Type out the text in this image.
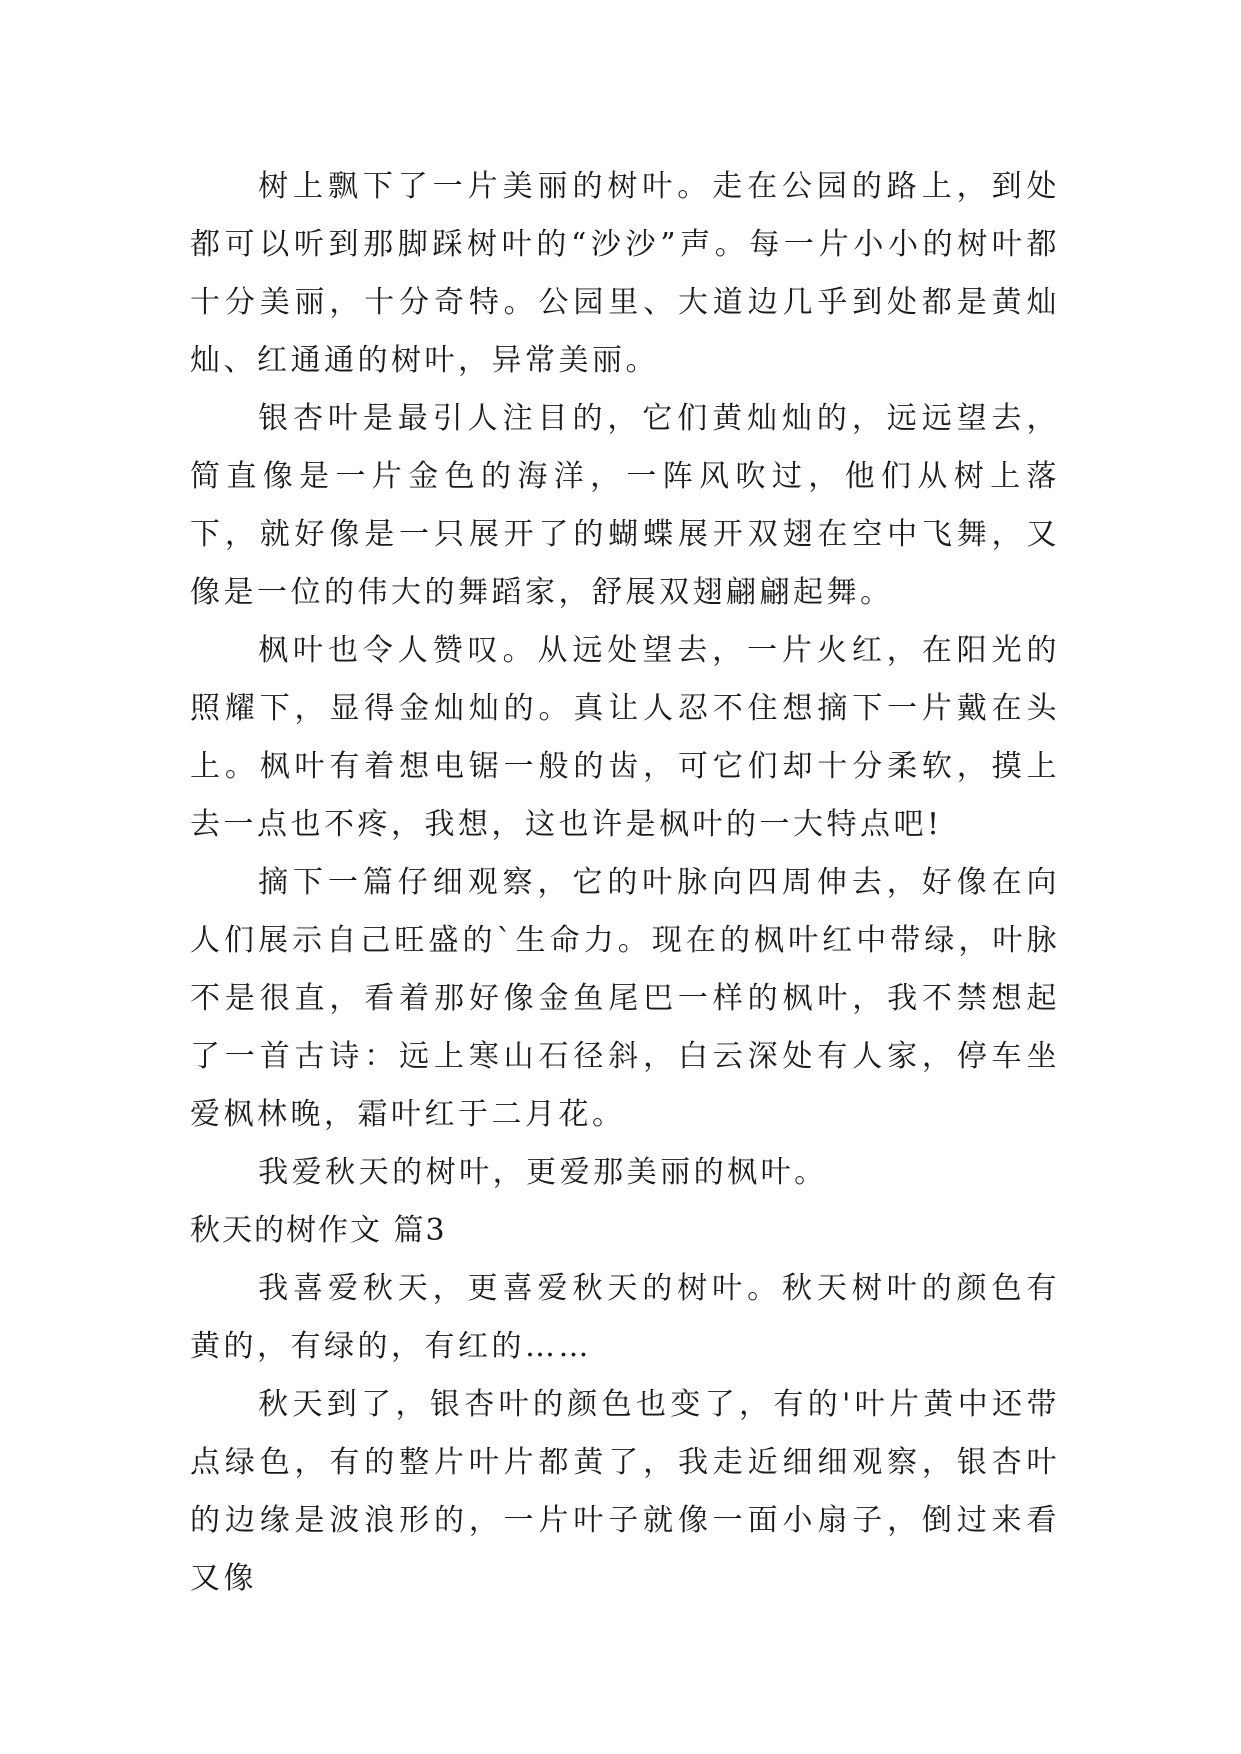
树上飘下了一片美丽的树叶。走在公园的路上，到处都可以听到那脚踩树叶的“沙沙”声。每一片小小的树叶都十分美丽，十分奇特。公园里、大道边几乎到处都是黄灿灿、红通通的树叶，异常美丽。

银杏叶是最引人注目的，它们黄灿灿的，远远望去，简直像是一片金色的海洋，一阵风吹过，他们从树上落下，就好像是一只展开了的蝴蝶展开双翅在空中飞舞，又像是一位的伟大的舞蹈家，舒展双翅翩翩起舞。

枫叶也令人赞叹。从远处望去，一片火红，在阳光的照耀下，显得金灿灿的。真让人忍不住想摘下一片戴在头上。枫叶有着想电锯一般的齿，可它们却十分柔软，摸上去一点也不疼，我想，这也许是枫叶的一大特点吧!

摘下一篇仔细观察，它的叶脉向四周伸去，好像在向人们展示自己旺盛的`生命力。现在的枫叶红中带绿，叶脉不是很直，看着那好像金鱼尾巴一样的枫叶，我不禁想起了一首古诗：远上寒山石径斜，白云深处有人家，停车坐爱枫林晚，霜叶红于二月花。

我爱秋天的树叶，更爱那美丽的枫叶。

秋天的树作文 篇3

我喜爱秋天，更喜爱秋天的树叶。秋天树叶的颜色有黄的，有绿的，有红的……

秋天到了，银杏叶的颜色也变了，有的'叶片黄中还带点绿色，有的整片叶片都黄了，我走近细细观察，银杏叶的边缘是波浪形的，一片叶子就像一面小扇子，倒过来看又像
